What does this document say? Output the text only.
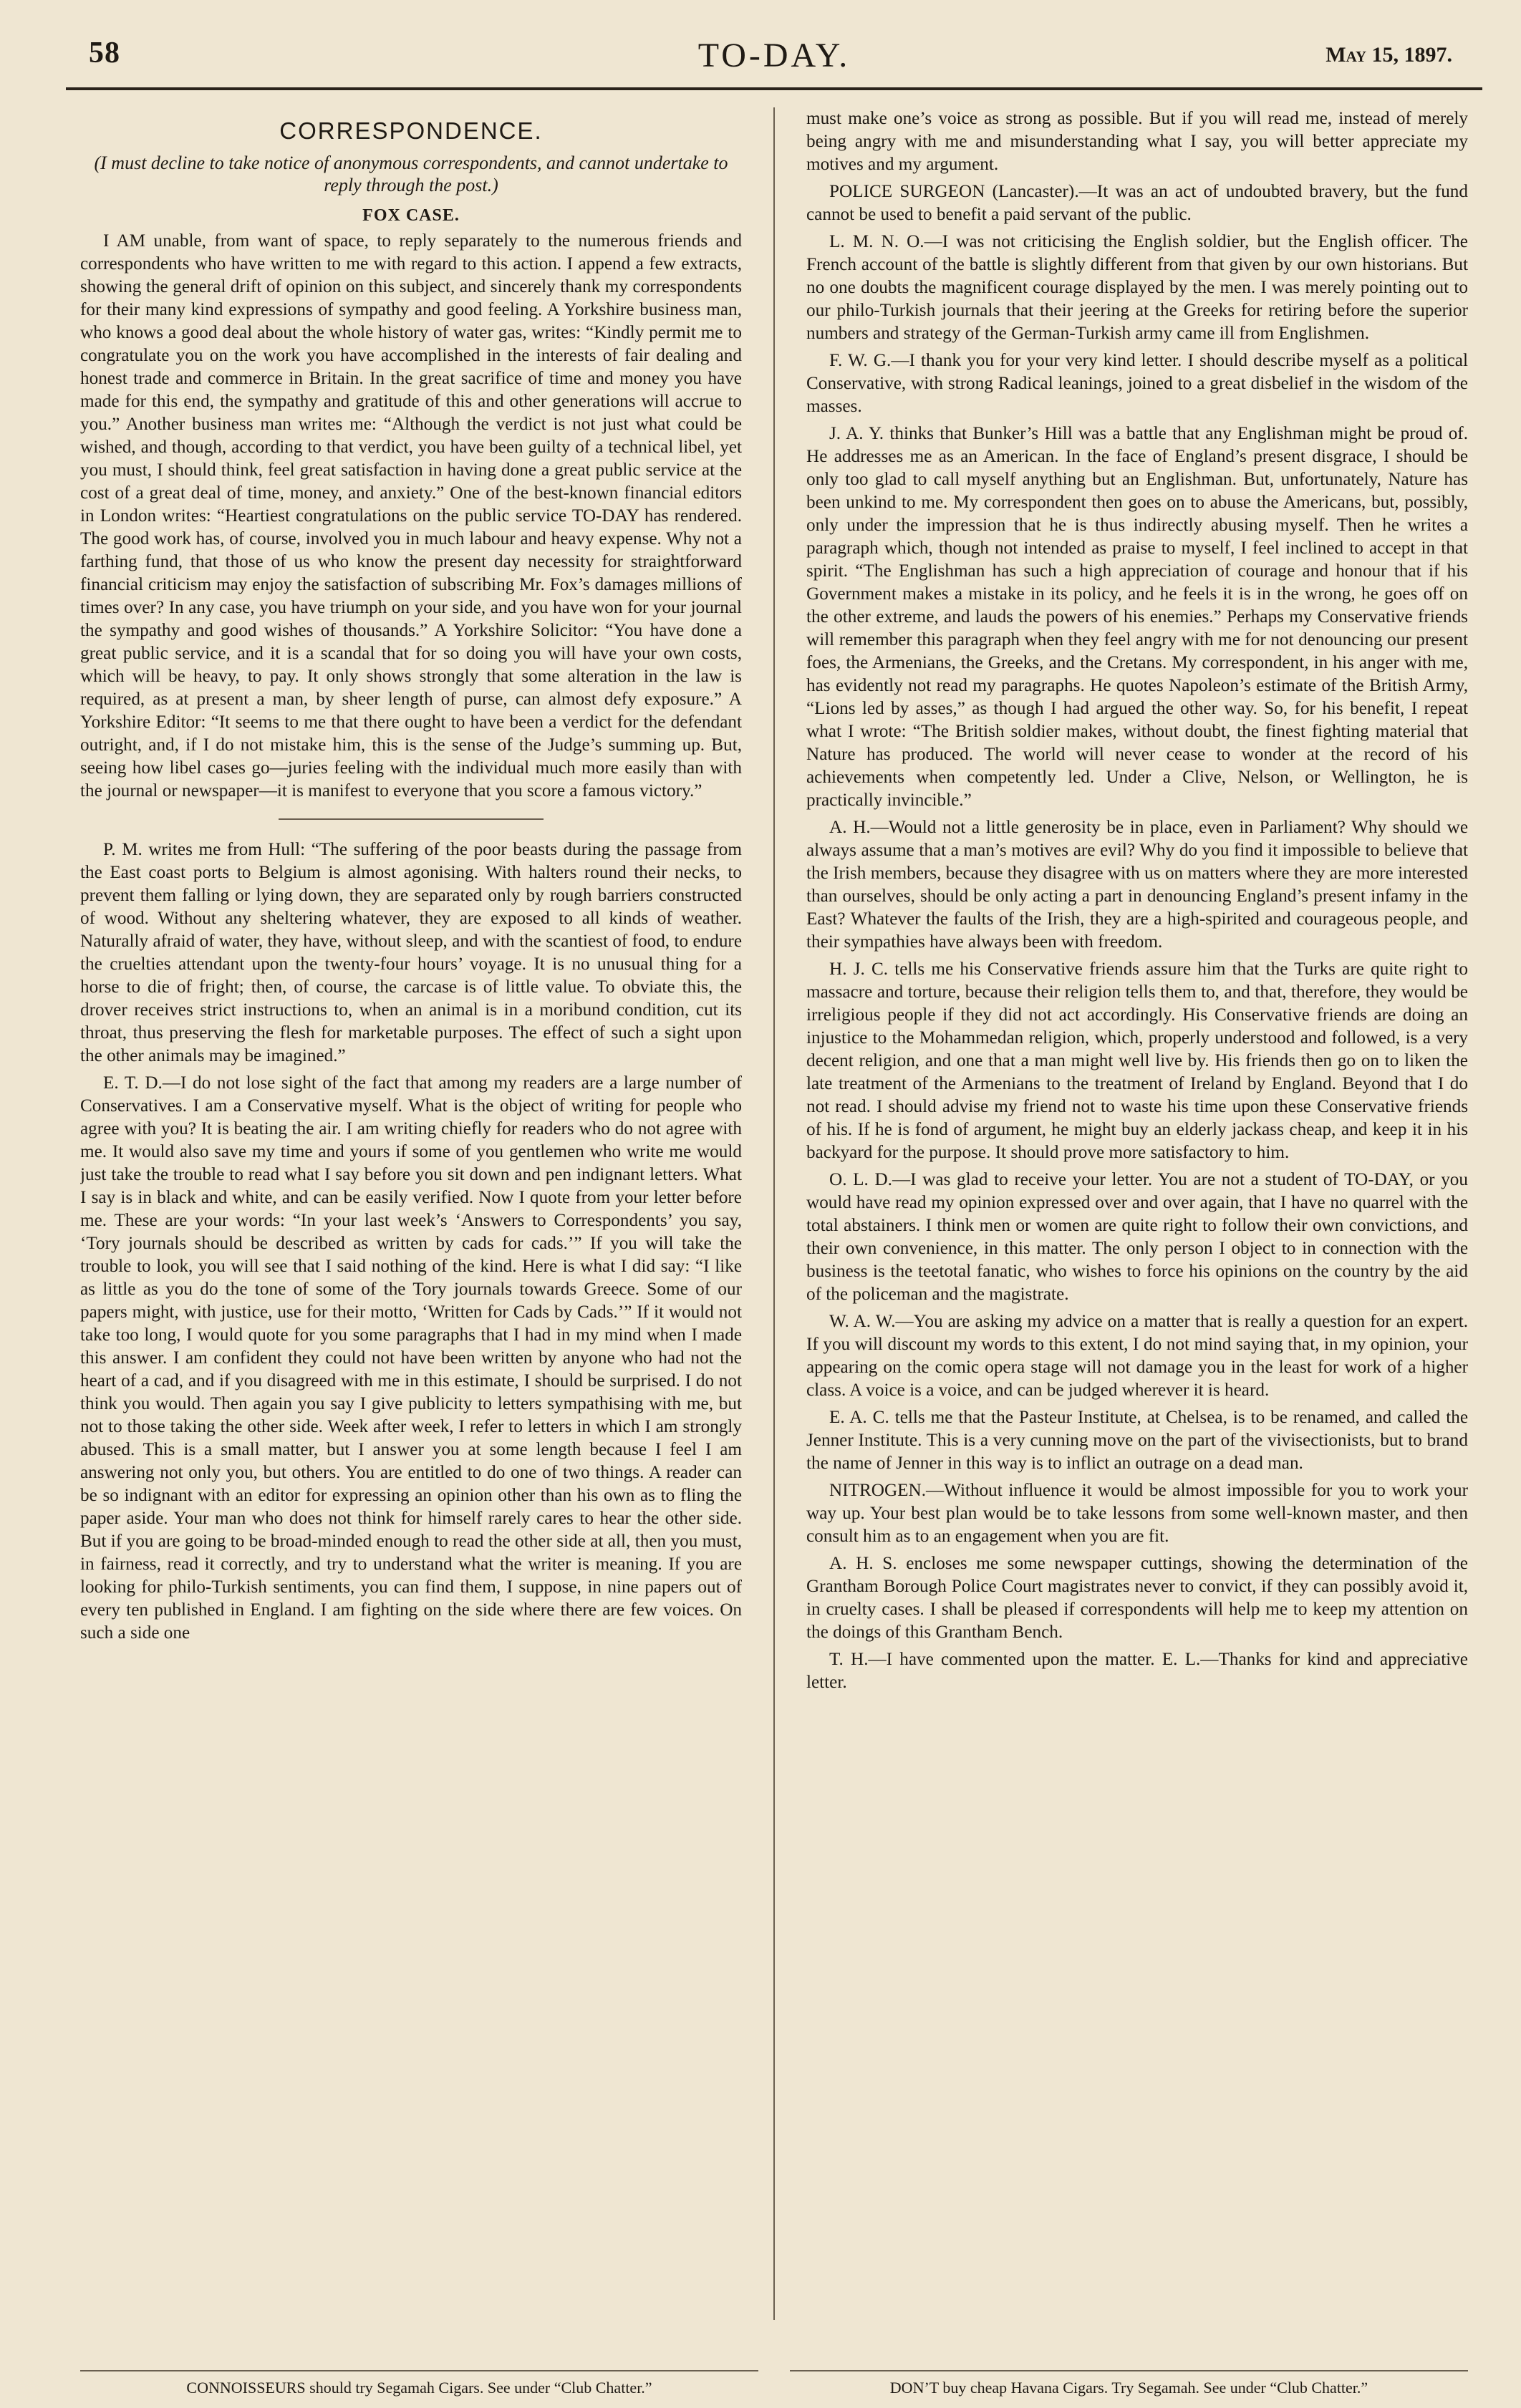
58	TO-DAY.	May 15, 1897.
CORRESPONDENCE.
(I must decline to take notice of anonymous correspondents, and cannot undertake to reply through the post.)
FOX CASE.

I AM unable, from want of space, to reply separately to the numerous friends and correspondents who have written to me with regard to this action. I append a few extracts, showing the general drift of opinion on this subject, and sincerely thank my correspondents for their many kind expressions of sympathy and good feeling. A Yorkshire business man, who knows a good deal about the whole history of water gas, writes: “Kindly permit me to congratulate you on the work you have accomplished in the interests of fair dealing and honest trade and commerce in Britain. In the great sacrifice of time and money you have made for this end, the sympathy and gratitude of this and other generations will accrue to you.” Another business man writes me: “Although the verdict is not just what could be wished, and though, according to that verdict, you have been guilty of a technical libel, yet you must, I should think, feel great satisfaction in having done a great public service at the cost of a great deal of time, money, and anxiety.” One of the best-known financial editors in London writes: “Heartiest congratulations on the public service TO-DAY has rendered. The good work has, of course, involved you in much labour and heavy expense. Why not a farthing fund, that those of us who know the present day necessity for straightforward financial criticism may enjoy the satisfaction of subscribing Mr. Fox’s damages millions of times over? In any case, you have triumph on your side, and you have won for your journal the sympathy and good wishes of thousands.” A Yorkshire Solicitor: “You have done a great public service, and it is a scandal that for so doing you will have your own costs, which will be heavy, to pay. It only shows strongly that some alteration in the law is required, as at present a man, by sheer length of purse, can almost defy exposure.” A Yorkshire Editor: “It seems to me that there ought to have been a verdict for the defendant outright, and, if I do not mistake him, this is the sense of the Judge’s summing up. But, seeing how libel cases go—juries feeling with the individual much more easily than with the journal or newspaper—it is manifest to everyone that you score a famous victory.”

P. M. writes me from Hull: “The suffering of the poor beasts during the passage from the East coast ports to Belgium is almost agonising. With halters round their necks, to prevent them falling or lying down, they are separated only by rough barriers constructed of wood. Without any sheltering whatever, they are exposed to all kinds of weather. Naturally afraid of water, they have, without sleep, and with the scantiest of food, to endure the cruelties attendant upon the twenty-four hours’ voyage. It is no unusual thing for a horse to die of fright; then, of course, the carcase is of little value. To obviate this, the drover receives strict instructions to, when an animal is in a moribund condition, cut its throat, thus preserving the flesh for marketable purposes. The effect of such a sight upon the other animals may be imagined.”

E. T. D.—I do not lose sight of the fact that among my readers are a large number of Conservatives. I am a Conservative myself. What is the object of writing for people who agree with you? It is beating the air. I am writing chiefly for readers who do not agree with me. It would also save my time and yours if some of you gentlemen who write me would just take the trouble to read what I say before you sit down and pen indignant letters. What I say is in black and white, and can be easily verified. Now I quote from your letter before me. These are your words: “In your last week’s ‘Answers to Correspondents’ you say, ‘Tory journals should be described as written by cads for cads.’” If you will take the trouble to look, you will see that I said nothing of the kind. Here is what I did say: “I like as little as you do the tone of some of the Tory journals towards Greece. Some of our papers might, with justice, use for their motto, ‘Written for Cads by Cads.’” If it would not take too long, I would quote for you some paragraphs that I had in my mind when I made this answer. I am confident they could not have been written by anyone who had not the heart of a cad, and if you disagreed with me in this estimate, I should be surprised. I do not think you would. Then again you say I give publicity to letters sympathising with me, but not to those taking the other side. Week after week, I refer to letters in which I am strongly abused. This is a small matter, but I answer you at some length because I feel I am answering not only you, but others. You are entitled to do one of two things. A reader can be so indignant with an editor for expressing an opinion other than his own as to fling the paper aside. Your man who does not think for himself rarely cares to hear the other side. But if you are going to be broad-minded enough to read the other side at all, then you must, in fairness, read it correctly, and try to understand what the writer is meaning. If you are looking for philo-Turkish sentiments, you can find them, I suppose, in nine papers out of every ten published in England. I am fighting on the side where there are few voices. On such a side one

must make one’s voice as strong as possible. But if you will read me, instead of merely being angry with me and misunderstanding what I say, you will better appreciate my motives and my argument.

POLICE SURGEON (Lancaster).—It was an act of undoubted bravery, but the fund cannot be used to benefit a paid servant of the public.

L. M. N. O.—I was not criticising the English soldier, but the English officer. The French account of the battle is slightly different from that given by our own historians. But no one doubts the magnificent courage displayed by the men. I was merely pointing out to our philo-Turkish journals that their jeering at the Greeks for retiring before the superior numbers and strategy of the German-Turkish army came ill from Englishmen.

F. W. G.—I thank you for your very kind letter. I should describe myself as a political Conservative, with strong Radical leanings, joined to a great disbelief in the wisdom of the masses.

J. A. Y. thinks that Bunker’s Hill was a battle that any Englishman might be proud of. He addresses me as an American. In the face of England’s present disgrace, I should be only too glad to call myself anything but an Englishman. But, unfortunately, Nature has been unkind to me. My correspondent then goes on to abuse the Americans, but, possibly, only under the impression that he is thus indirectly abusing myself. Then he writes a paragraph which, though not intended as praise to myself, I feel inclined to accept in that spirit. “The Englishman has such a high appreciation of courage and honour that if his Government makes a mistake in its policy, and he feels it is in the wrong, he goes off on the other extreme, and lauds the powers of his enemies.” Perhaps my Conservative friends will remember this paragraph when they feel angry with me for not denouncing our present foes, the Armenians, the Greeks, and the Cretans. My correspondent, in his anger with me, has evidently not read my paragraphs. He quotes Napoleon’s estimate of the British Army, “Lions led by asses,” as though I had argued the other way. So, for his benefit, I repeat what I wrote: “The British soldier makes, without doubt, the finest fighting material that Nature has produced. The world will never cease to wonder at the record of his achievements when competently led. Under a Clive, Nelson, or Wellington, he is practically invincible.”

A. H.—Would not a little generosity be in place, even in Parliament? Why should we always assume that a man’s motives are evil? Why do you find it impossible to believe that the Irish members, because they disagree with us on matters where they are more interested than ourselves, should be only acting a part in denouncing England’s present infamy in the East? Whatever the faults of the Irish, they are a high-spirited and courageous people, and their sympathies have always been with freedom.

H. J. C. tells me his Conservative friends assure him that the Turks are quite right to massacre and torture, because their religion tells them to, and that, therefore, they would be irreligious people if they did not act accordingly. His Conservative friends are doing an injustice to the Mohammedan religion, which, properly understood and followed, is a very decent religion, and one that a man might well live by. His friends then go on to liken the late treatment of the Armenians to the treatment of Ireland by England. Beyond that I do not read. I should advise my friend not to waste his time upon these Conservative friends of his. If he is fond of argument, he might buy an elderly jackass cheap, and keep it in his backyard for the purpose. It should prove more satisfactory to him.

O. L. D.—I was glad to receive your letter. You are not a student of TO-DAY, or you would have read my opinion expressed over and over again, that I have no quarrel with the total abstainers. I think men or women are quite right to follow their own convictions, and their own convenience, in this matter. The only person I object to in connection with the business is the teetotal fanatic, who wishes to force his opinions on the country by the aid of the policeman and the magistrate.

W. A. W.—You are asking my advice on a matter that is really a question for an expert. If you will discount my words to this extent, I do not mind saying that, in my opinion, your appearing on the comic opera stage will not damage you in the least for work of a higher class. A voice is a voice, and can be judged wherever it is heard.

E. A. C. tells me that the Pasteur Institute, at Chelsea, is to be renamed, and called the Jenner Institute. This is a very cunning move on the part of the vivisectionists, but to brand the name of Jenner in this way is to inflict an outrage on a dead man.

NITROGEN.—Without influence it would be almost impossible for you to work your way up. Your best plan would be to take lessons from some well-known master, and then consult him as to an engagement when you are fit.

A. H. S. encloses me some newspaper cuttings, showing the determination of the Grantham Borough Police Court magistrates never to convict, if they can possibly avoid it, in cruelty cases. I shall be pleased if correspondents will help me to keep my attention on the doings of this Grantham Bench.

T. H.—I have commented upon the matter. E. L.—Thanks for kind and appreciative letter.

CONNOISSEURS should try Segamah Cigars. See under “Club Chatter.”	DON’T buy cheap Havana Cigars. Try Segamah. See under “Club Chatter.”
